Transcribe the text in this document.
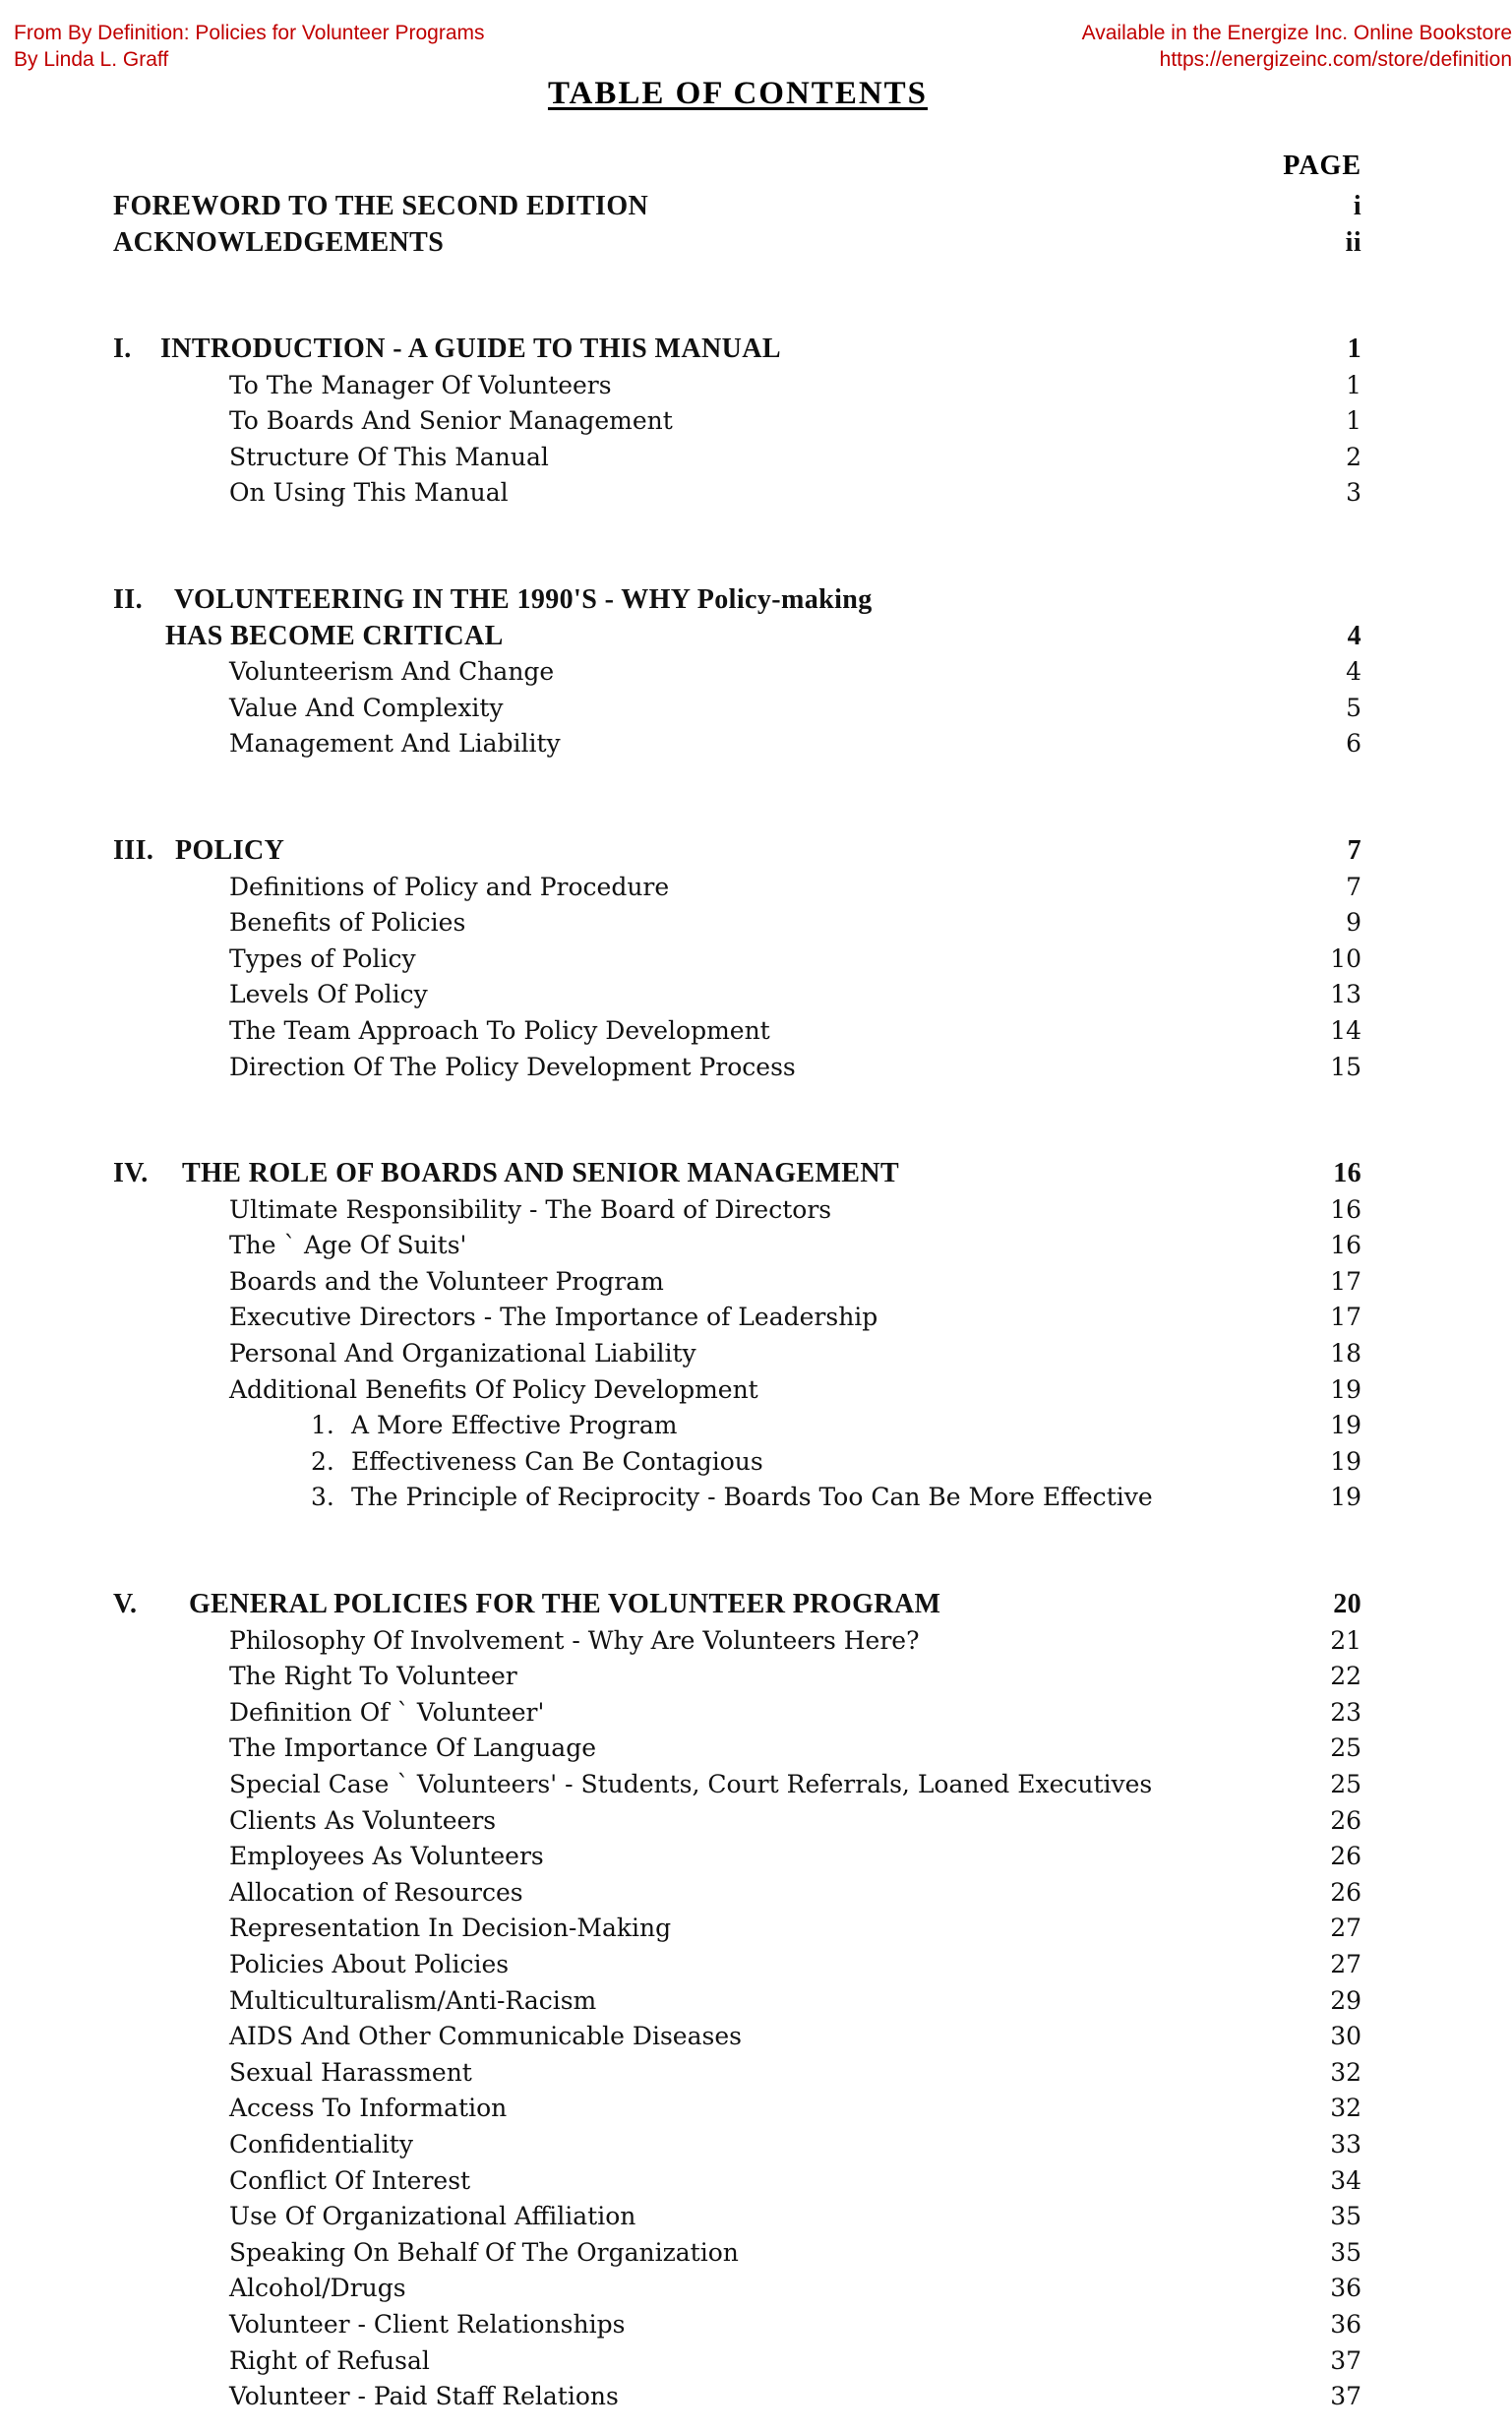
From By Definition: Policies for Volunteer Programs
By Linda L. Graff
Available in the Energize Inc. Online Bookstore
https://energizeinc.com/store/definition
TABLE OF CONTENTS
PAGE
FOREWORD TO THE SECOND EDITION	i
ACKNOWLEDGEMENTS	ii
I. INTRODUCTION - A GUIDE TO THIS MANUAL	1
To The Manager Of Volunteers	1
To Boards And Senior Management	1
Structure Of This Manual	2
On Using This Manual	3
II. VOLUNTEERING IN THE 1990'S - WHY Policy-making
HAS BECOME CRITICAL	4
Volunteerism And Change	4
Value And Complexity	5
Management And Liability	6
III. POLICY	7
Definitions of Policy and Procedure	7
Benefits of Policies	9
Types of Policy	10
Levels Of Policy	13
The Team Approach To Policy Development	14
Direction Of The Policy Development Process	15
IV. THE ROLE OF BOARDS AND SENIOR MANAGEMENT	16
Ultimate Responsibility - The Board of Directors	16
The ` Age Of Suits'	16
Boards and the Volunteer Program	17
Executive Directors - The Importance of Leadership	17
Personal And Organizational Liability	18
Additional Benefits Of Policy Development	19
1. A More Effective Program	19
2. Effectiveness Can Be Contagious	19
3. The Principle of Reciprocity - Boards Too Can Be More Effective	19
V. GENERAL POLICIES FOR THE VOLUNTEER PROGRAM	20
Philosophy Of Involvement - Why Are Volunteers Here?	21
The Right To Volunteer	22
Definition Of ` Volunteer'	23
The Importance Of Language	25
Special Case ` Volunteers' - Students, Court Referrals, Loaned Executives	25
Clients As Volunteers	26
Employees As Volunteers	26
Allocation of Resources	26
Representation In Decision-Making	27
Policies About Policies	27
Multiculturalism/Anti-Racism	29
AIDS And Other Communicable Diseases	30
Sexual Harassment	32
Access To Information	32
Confidentiality	33
Conflict Of Interest	34
Use Of Organizational Affiliation	35
Speaking On Behalf Of The Organization	35
Alcohol/Drugs	36
Volunteer - Client Relationships	36
Right of Refusal	37
Volunteer - Paid Staff Relations	37
